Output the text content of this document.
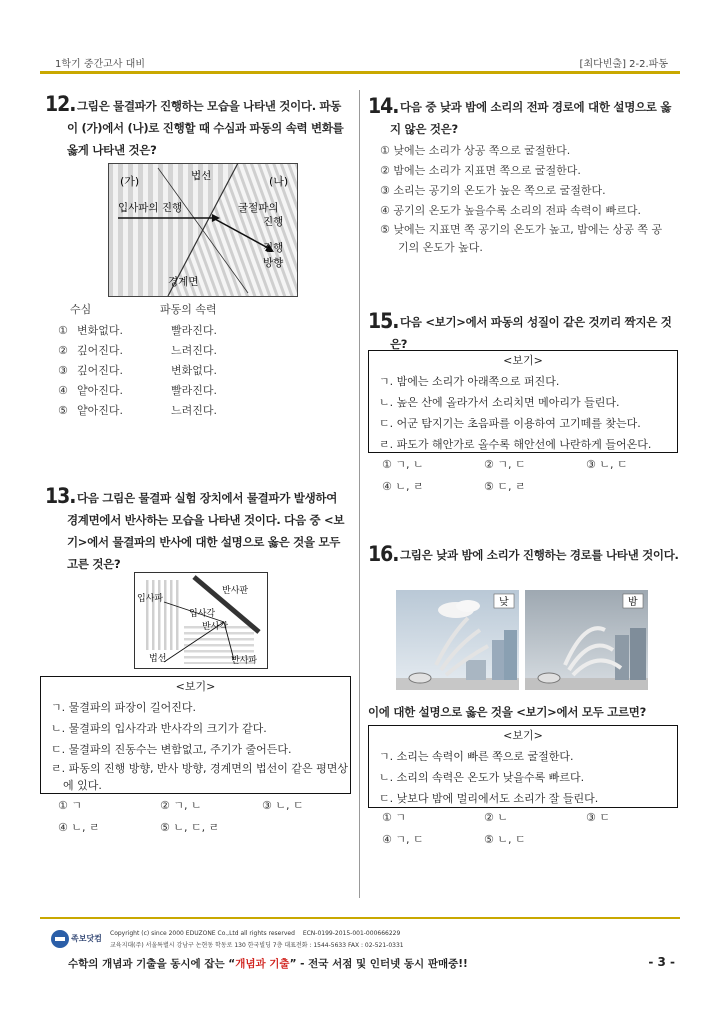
1학기 중간고사 대비	[최다빈출] 2-2.파동
12. 그림은 물결파가 진행하는 모습을 나타낸 것이다. 파동이 (가)에서 (나)로 진행할 때 수심과 파동의 속력 변화를 옳게 나타낸 것은?
(가)	(나)
법선
입사파의 진행	굴절파의
진행
진행
방향
경계면
수심	파동의 속력
① 변화없다.	빨라진다.
② 깊어진다.	느려진다.
③ 깊어진다.	변화없다.
④ 얕아진다.	빨라진다.
⑤ 얕아진다.	느려진다.
13. 다음 그림은 물결파 실험 장치에서 물결파가 발생하여 경계면에서 반사하는 모습을 나타낸 것이다. 다음 중 <보기>에서 물결파의 반사에 대한 설명으로 옳은 것을 모두 고른 것은?
입사파
반사판
입사각
반사각
법선	반사파
<보기>
ㄱ. 물결파의 파장이 길어진다.
ㄴ. 물결파의 입사각과 반사각의 크기가 같다.
ㄷ. 물결파의 진동수는 변함없고, 주기가 줄어든다.
ㄹ. 파동의 진행 방향, 반사 방향, 경계면의 법선이 같은 평면상
에 있다.
① ㄱ	② ㄱ, ㄴ	③ ㄴ, ㄷ
④ ㄴ, ㄹ	⑤ ㄴ, ㄷ, ㄹ
14. 다음 중 낮과 밤에 소리의 전파 경로에 대한 설명으로 옳지 않은 것은?
① 낮에는 소리가 상공 쪽으로 굴절한다.
② 밤에는 소리가 지표면 쪽으로 굴절한다.
③ 소리는 공기의 온도가 높은 쪽으로 굴절한다.
④ 공기의 온도가 높을수록 소리의 전파 속력이 빠르다.
⑤ 낮에는 지표면 쪽 공기의 온도가 높고, 밤에는 상공 쪽 공
기의 온도가 높다.
15. 다음 <보기>에서 파동의 성질이 같은 것끼리 짝지은 것은?
<보기>
ㄱ. 밤에는 소리가 아래쪽으로 퍼진다.
ㄴ. 높은 산에 올라가서 소리치면 메아리가 들린다.
ㄷ. 어군 탐지기는 초음파를 이용하여 고기떼를 찾는다.
ㄹ. 파도가 해안가로 올수록 해안선에 나란하게 들어온다.
① ㄱ, ㄴ	② ㄱ, ㄷ	③ ㄴ, ㄷ
④ ㄴ, ㄹ	⑤ ㄷ, ㄹ
16. 그림은 낮과 밤에 소리가 진행하는 경로를 나타낸 것이다.
낮	밤
이에 대한 설명으로 옳은 것을 <보기>에서 모두 고르면?
<보기>
ㄱ. 소리는 속력이 빠른 쪽으로 굴절한다.
ㄴ. 소리의 속력은 온도가 낮을수록 빠르다.
ㄷ. 낮보다 밤에 멀리에서도 소리가 잘 들린다.
① ㄱ	② ㄴ	③ ㄷ
④ ㄱ, ㄷ	⑤ ㄴ, ㄷ
족보닷컴
Copyright (c) since 2000 EDUZONE Co.,Ltd all rights reserved ECN-0199-2015-001-000666229
교육지대(주) 서울특별시 강남구 논현동 학동로 130 한국빌딩 7층 대표전화 : 1544-5633 FAX : 02-521-0331
수학의 개념과 기출을 동시에 잡는 “개념과 기출” - 전국 서점 및 인터넷 동시 판매중!!	- 3 -
